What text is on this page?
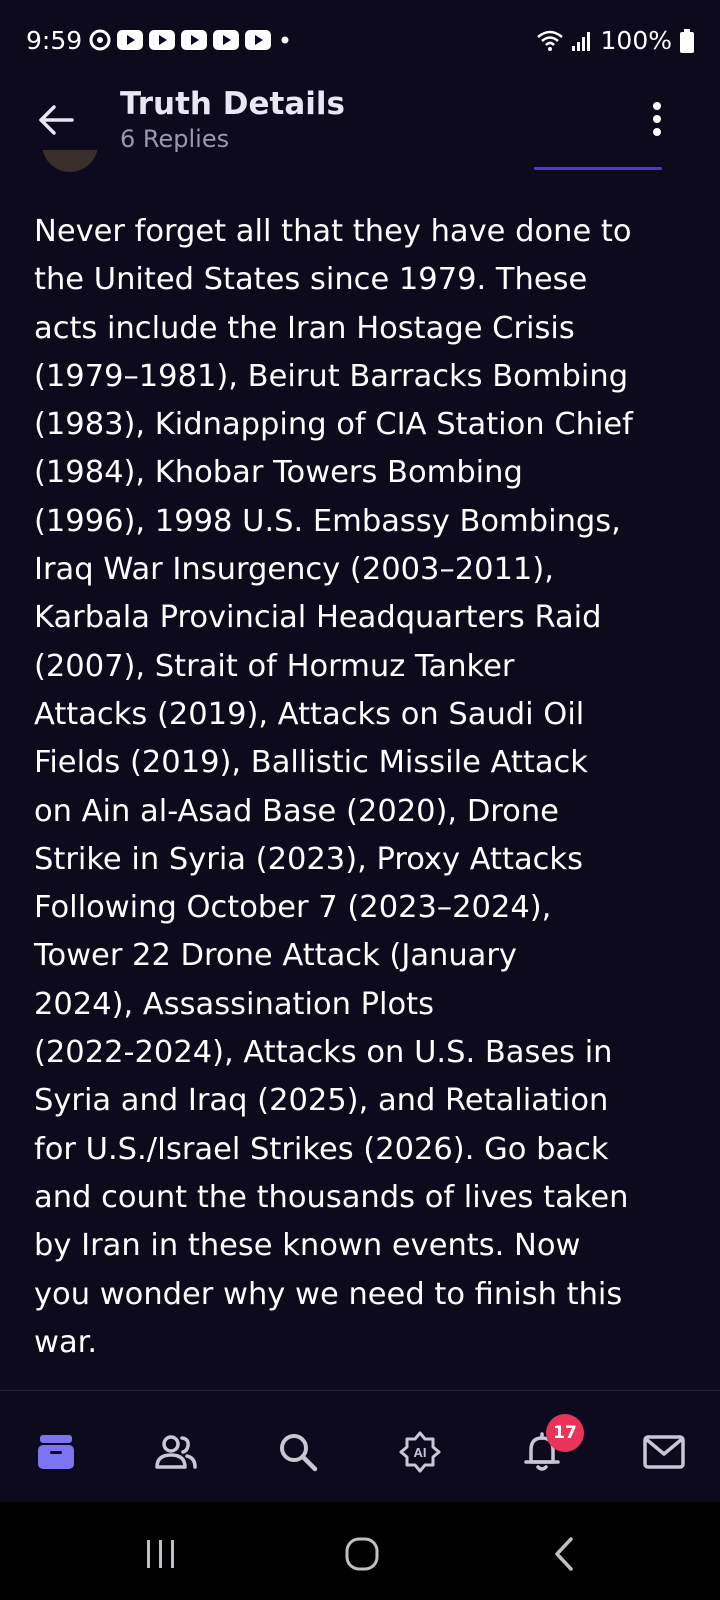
9:59	100%
Truth Details
6 Replies
Never forget all that they have done to
the United States since 1979. These
acts include the Iran Hostage Crisis
(1979–1981), Beirut Barracks Bombing
(1983), Kidnapping of CIA Station Chief
(1984), Khobar Towers Bombing
(1996), 1998 U.S. Embassy Bombings,
Iraq War Insurgency (2003–2011),
Karbala Provincial Headquarters Raid
(2007), Strait of Hormuz Tanker
Attacks (2019), Attacks on Saudi Oil
Fields (2019), Ballistic Missile Attack
on Ain al-Asad Base (2020), Drone
Strike in Syria (2023), Proxy Attacks
Following October 7 (2023–2024),
Tower 22 Drone Attack (January
2024), Assassination Plots
(2022-2024), Attacks on U.S. Bases in
Syria and Iraq (2025), and Retaliation
for U.S./Israel Strikes (2026). Go back
and count the thousands of lives taken
by Iran in these known events. Now
you wonder why we need to finish this
war.
AI
17
